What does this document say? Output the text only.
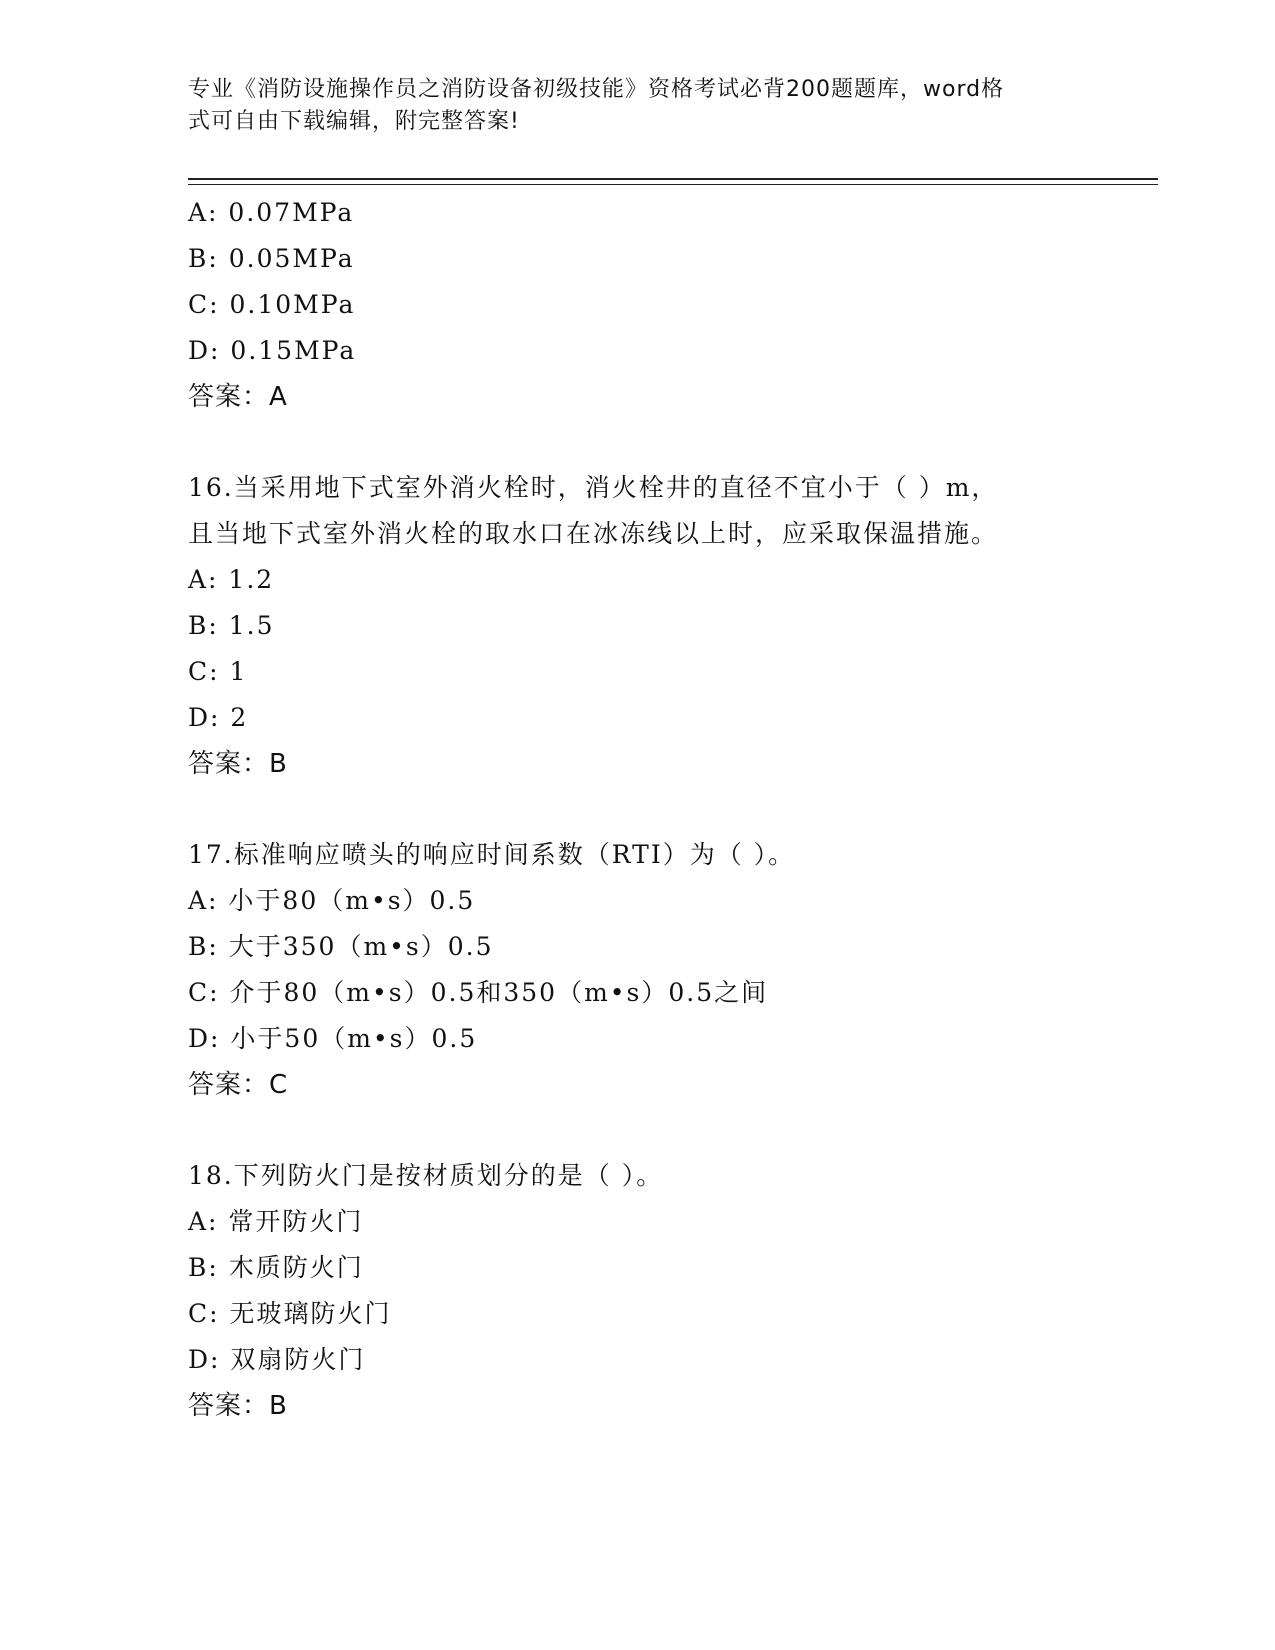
专业《消防设施操作员之消防设备初级技能》资格考试必背200题题库，word格
式可自由下载编辑，附完整答案!
A: 0.07MPa
B: 0.05MPa
C: 0.10MPa
D: 0.15MPa
答案：A
16.当采用地下式室外消火栓时，消火栓井的直径不宜小于（ ）m，
且当地下式室外消火栓的取水口在冰冻线以上时，应采取保温措施。
A: 1.2
B: 1.5
C: 1
D: 2
答案：B
17.标准响应喷头的响应时间系数（RTI）为（ ）。
A: 小于80（m•s）0.5
B: 大于350（m•s）0.5
C: 介于80（m•s）0.5和350（m•s）0.5之间
D: 小于50（m•s）0.5
答案：C
18.下列防火门是按材质划分的是（ ）。
A: 常开防火门
B: 木质防火门
C: 无玻璃防火门
D: 双扇防火门
答案：B
